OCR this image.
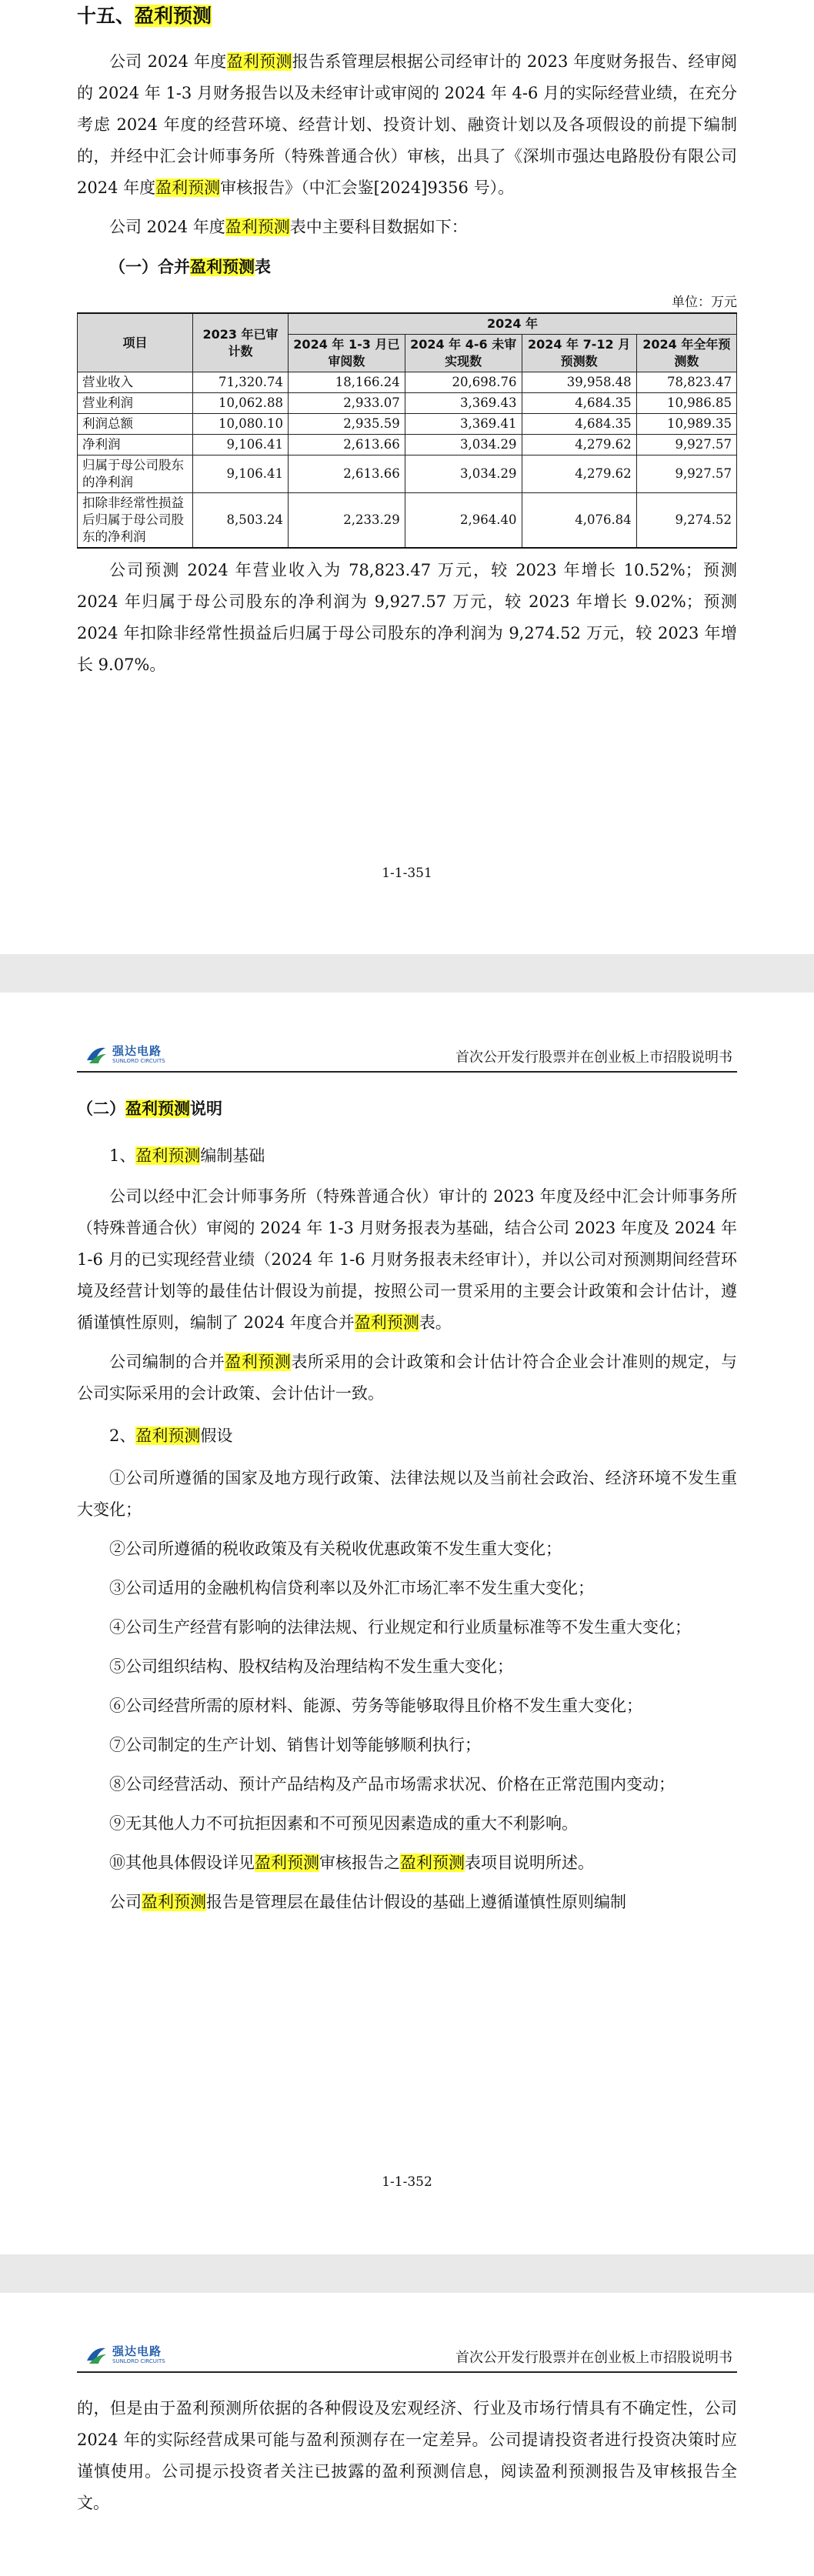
十五、盈利预测

公司 2024 年度盈利预测报告系管理层根据公司经审计的 2023 年度财务报告、经审阅的 2024 年 1-3 月财务报告以及未经审计或审阅的 2024 年 4-6 月的实际经营业绩，在充分考虑 2024 年度的经营环境、经营计划、投资计划、融资计划以及各项假设的前提下编制的，并经中汇会计师事务所（特殊普通合伙）审核，出具了《深圳市强达电路股份有限公司 2024 年度盈利预测审核报告》（中汇会鉴[2024]9356 号）。

公司 2024 年度盈利预测表中主要科目数据如下：

（一）合并盈利预测表
单位：万元
项目	2023 年已审计数	2024 年			
		2024 年 1-3 月已审阅数	2024 年 4-6 未审实现数	2024 年 7-12 月预测数	2024 年全年预测数
营业收入	71,320.74	18,166.24	20,698.76	39,958.48	78,823.47
营业利润	10,062.88	2,933.07	3,369.43	4,684.35	10,986.85
利润总额	10,080.10	2,935.59	3,369.41	4,684.35	10,989.35
净利润	9,106.41	2,613.66	3,034.29	4,279.62	9,927.57
归属于母公司股东的净利润	9,106.41	2,613.66	3,034.29	4,279.62	9,927.57
扣除非经常性损益后归属于母公司股东的净利润	8,503.24	2,233.29	2,964.40	4,076.84	9,274.52

公司预测 2024 年营业收入为 78,823.47 万元，较 2023 年增长 10.52%；预测 2024 年归属于母公司股东的净利润为 9,927.57 万元，较 2023 年增长 9.02%；预测 2024 年扣除非经常性损益后归属于母公司股东的净利润为 9,274.52 万元，较 2023 年增长 9.07%。

1-1-351
强达电路
SUNLORD CIRCUITS	首次公开发行股票并在创业板上市招股说明书
（二）盈利预测说明

1、盈利预测编制基础

公司以经中汇会计师事务所（特殊普通合伙）审计的 2023 年度及经中汇会计师事务所（特殊普通合伙）审阅的 2024 年 1-3 月财务报表为基础，结合公司 2023 年度及 2024 年 1-6 月的已实现经营业绩（2024 年 1-6 月财务报表未经审计），并以公司对预测期间经营环境及经营计划等的最佳估计假设为前提，按照公司一贯采用的主要会计政策和会计估计，遵循谨慎性原则，编制了 2024 年度合并盈利预测表。

公司编制的合并盈利预测表所采用的会计政策和会计估计符合企业会计准则的规定，与公司实际采用的会计政策、会计估计一致。

2、盈利预测假设

①公司所遵循的国家及地方现行政策、法律法规以及当前社会政治、经济环境不发生重大变化；

②公司所遵循的税收政策及有关税收优惠政策不发生重大变化；

③公司适用的金融机构信贷利率以及外汇市场汇率不发生重大变化；

④公司生产经营有影响的法律法规、行业规定和行业质量标准等不发生重大变化；

⑤公司组织结构、股权结构及治理结构不发生重大变化；

⑥公司经营所需的原材料、能源、劳务等能够取得且价格不发生重大变化；

⑦公司制定的生产计划、销售计划等能够顺利执行；

⑧公司经营活动、预计产品结构及产品市场需求状况、价格在正常范围内变动；

⑨无其他人力不可抗拒因素和不可预见因素造成的重大不利影响。

⑩其他具体假设详见盈利预测审核报告之盈利预测表项目说明所述。

公司盈利预测报告是管理层在最佳估计假设的基础上遵循谨慎性原则编制

1-1-352
强达电路
SUNLORD CIRCUITS	首次公开发行股票并在创业板上市招股说明书

的，但是由于盈利预测所依据的各种假设及宏观经济、行业及市场行情具有不确定性，公司 2024 年的实际经营成果可能与盈利预测存在一定差异。公司提请投资者进行投资决策时应谨慎使用。公司提示投资者关注已披露的盈利预测信息，阅读盈利预测报告及审核报告全文。
